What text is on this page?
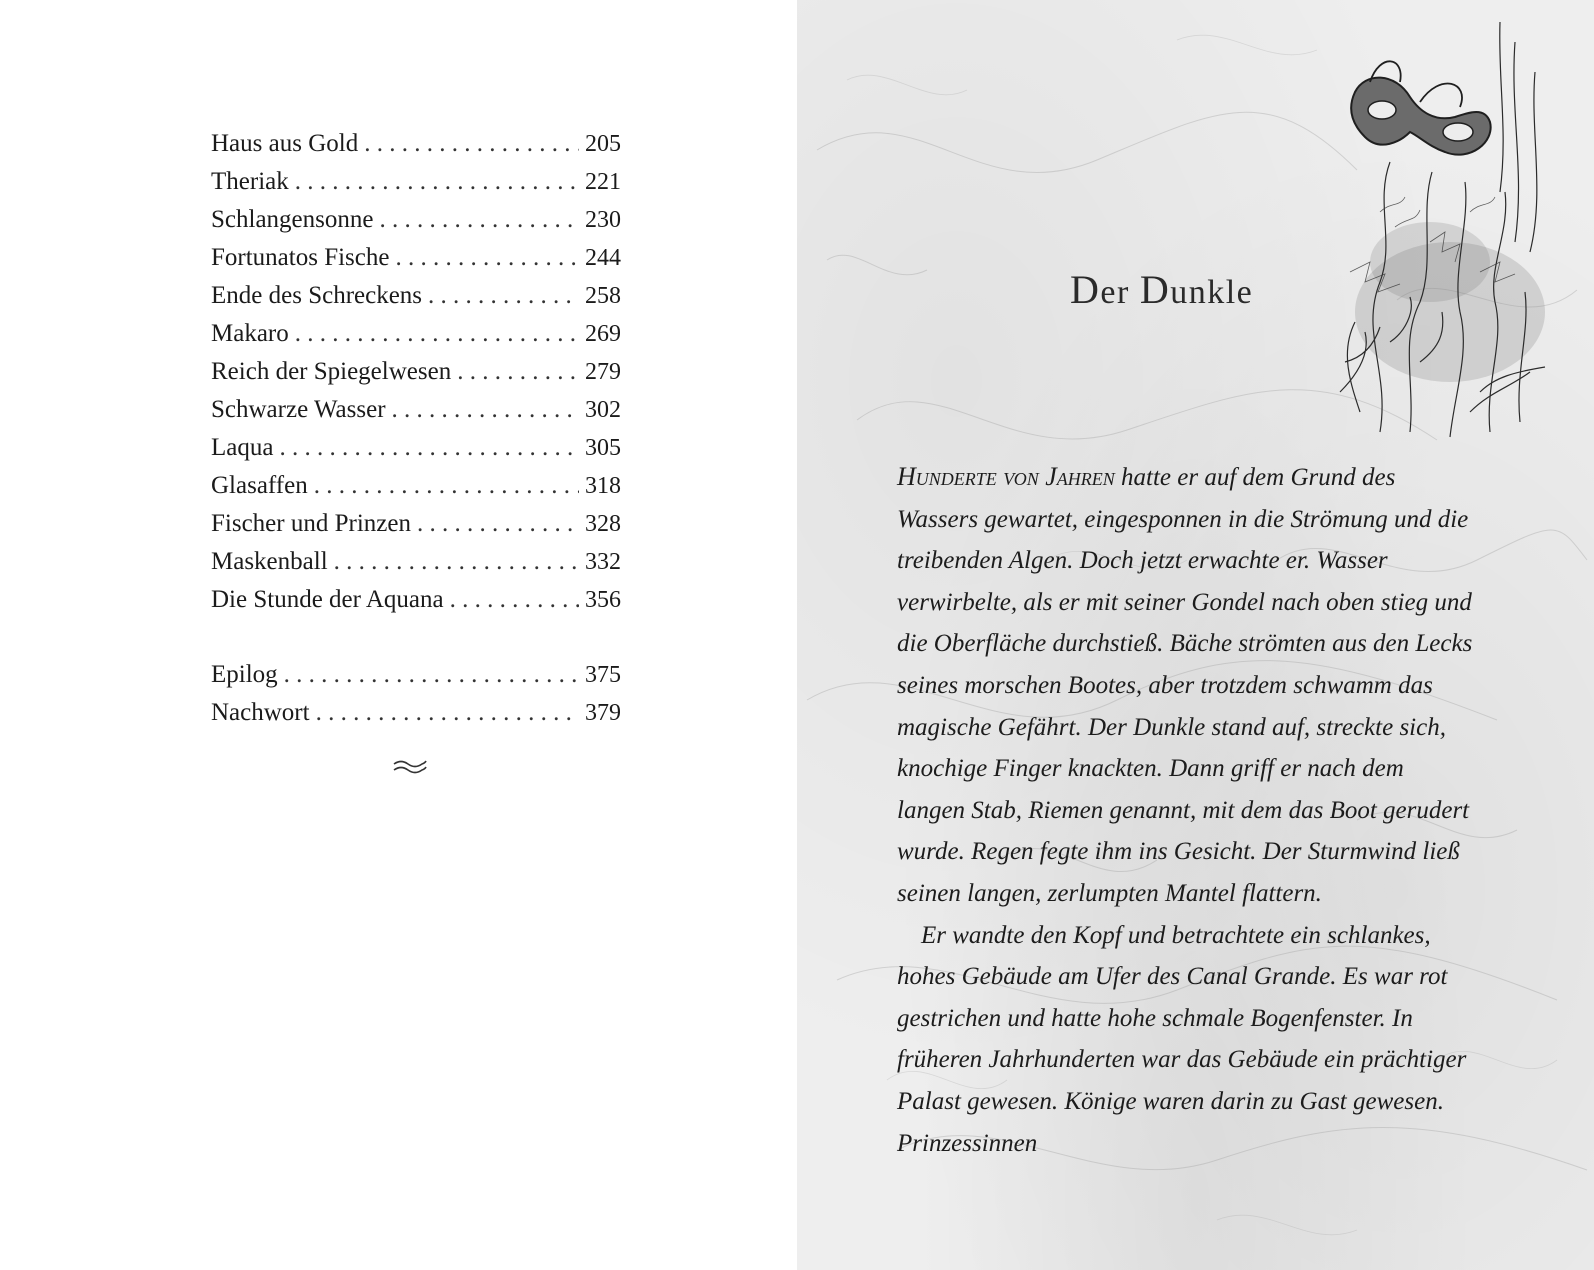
Haus aus Gold . . .	205
Theriak . . .	221
Schlangensonne . . .	230
Fortunatos Fische . . .	244
Ende des Schreckens . . .	258
Makaro . . .	269
Reich der Spiegelwesen . . .	279
Schwarze Wasser . . .	302
Laqua . . .	305
Glasaffen . . .	318
Fischer und Prinzen . . .	328
Maskenball . . .	332
Die Stunde der Aquana . . .	356
Epilog . . .	375
Nachwort . . .	379
Der Dunkle

Hunderte von Jahren hatte er auf dem Grund des Wassers gewartet, eingesponnen in die Strömung und die treibenden Algen. Doch jetzt erwachte er. Wasser verwirbelte, als er mit seiner Gondel nach oben stieg und die Oberfläche durchstieß. Bäche strömten aus den Lecks seines morschen Bootes, aber trotzdem schwamm das magische Gefährt. Der Dunkle stand auf, streckte sich, knochige Finger knackten. Dann griff er nach dem langen Stab, Riemen genannt, mit dem das Boot gerudert wurde. Regen fegte ihm ins Gesicht. Der Sturmwind ließ seinen langen, zerlumpten Mantel flattern.

Er wandte den Kopf und betrachtete ein schlankes, hohes Gebäude am Ufer des Canal Grande. Es war rot gestrichen und hatte hohe schmale Bogenfenster. In früheren Jahrhunderten war das Gebäude ein prächtiger Palast gewesen. Könige waren darin zu Gast gewesen. Prinzessinnen
